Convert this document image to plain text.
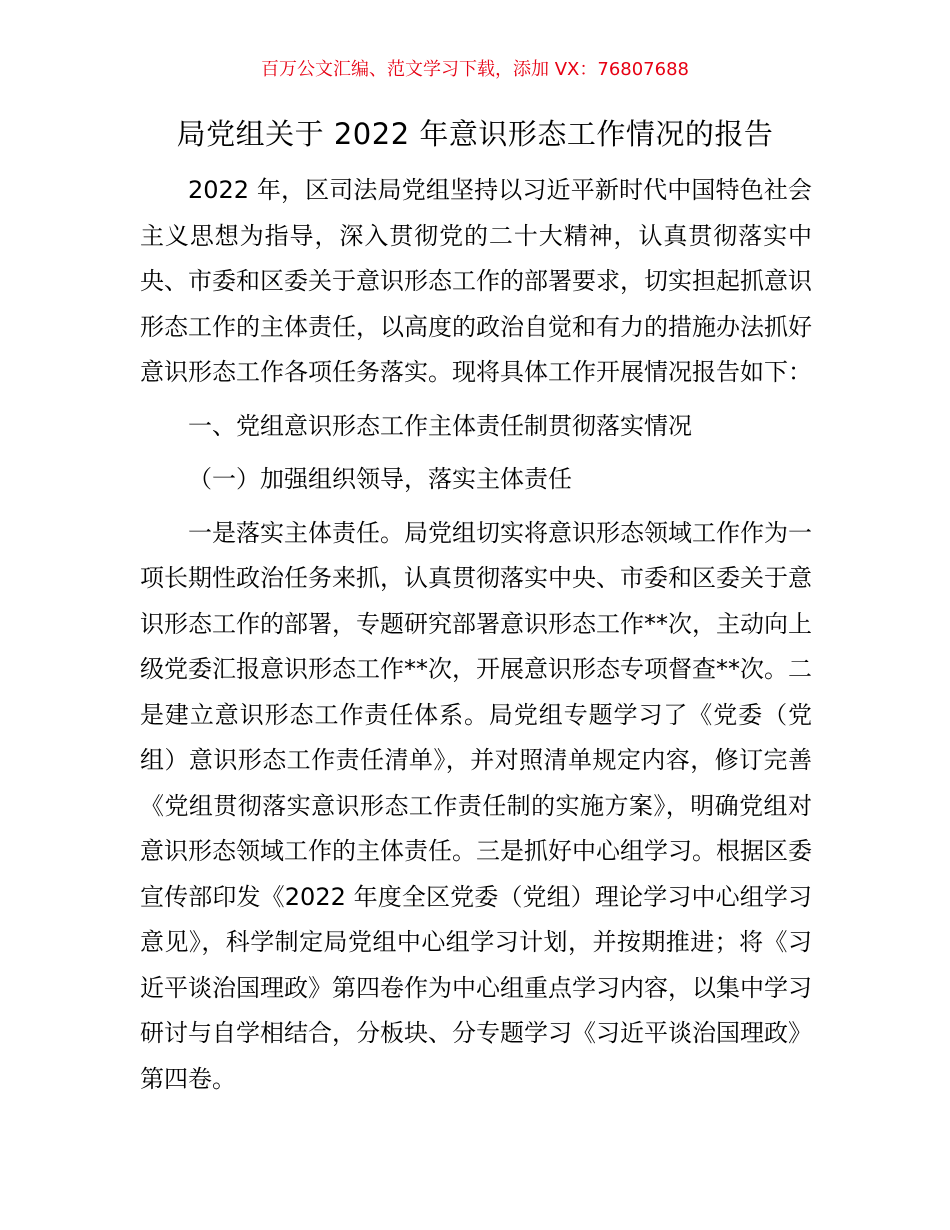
百万公文汇编、范文学习下载，添加 VX：76807688
局党组关于 2022 年意识形态工作情况的报告

2022 年，区司法局党组坚持以习近平新时代中国特色社会主义思想为指导，深入贯彻党的二十大精神，认真贯彻落实中央、市委和区委关于意识形态工作的部署要求，切实担起抓意识形态工作的主体责任，以高度的政治自觉和有力的措施办法抓好意识形态工作各项任务落实。现将具体工作开展情况报告如下：

一、党组意识形态工作主体责任制贯彻落实情况

（一）加强组织领导，落实主体责任

一是落实主体责任。局党组切实将意识形态领域工作作为一项长期性政治任务来抓，认真贯彻落实中央、市委和区委关于意识形态工作的部署，专题研究部署意识形态工作**次，主动向上级党委汇报意识形态工作**次，开展意识形态专项督查**次。二是建立意识形态工作责任体系。局党组专题学习了《党委（党组）意识形态工作责任清单》，并对照清单规定内容，修订完善《党组贯彻落实意识形态工作责任制的实施方案》，明确党组对意识形态领域工作的主体责任。三是抓好中心组学习。根据区委宣传部印发《2022 年度全区党委（党组）理论学习中心组学习意见》，科学制定局党组中心组学习计划，并按期推进；将《习近平谈治国理政》第四卷作为中心组重点学习内容，以集中学习研讨与自学相结合，分板块、分专题学习《习近平谈治国理政》第四卷。
